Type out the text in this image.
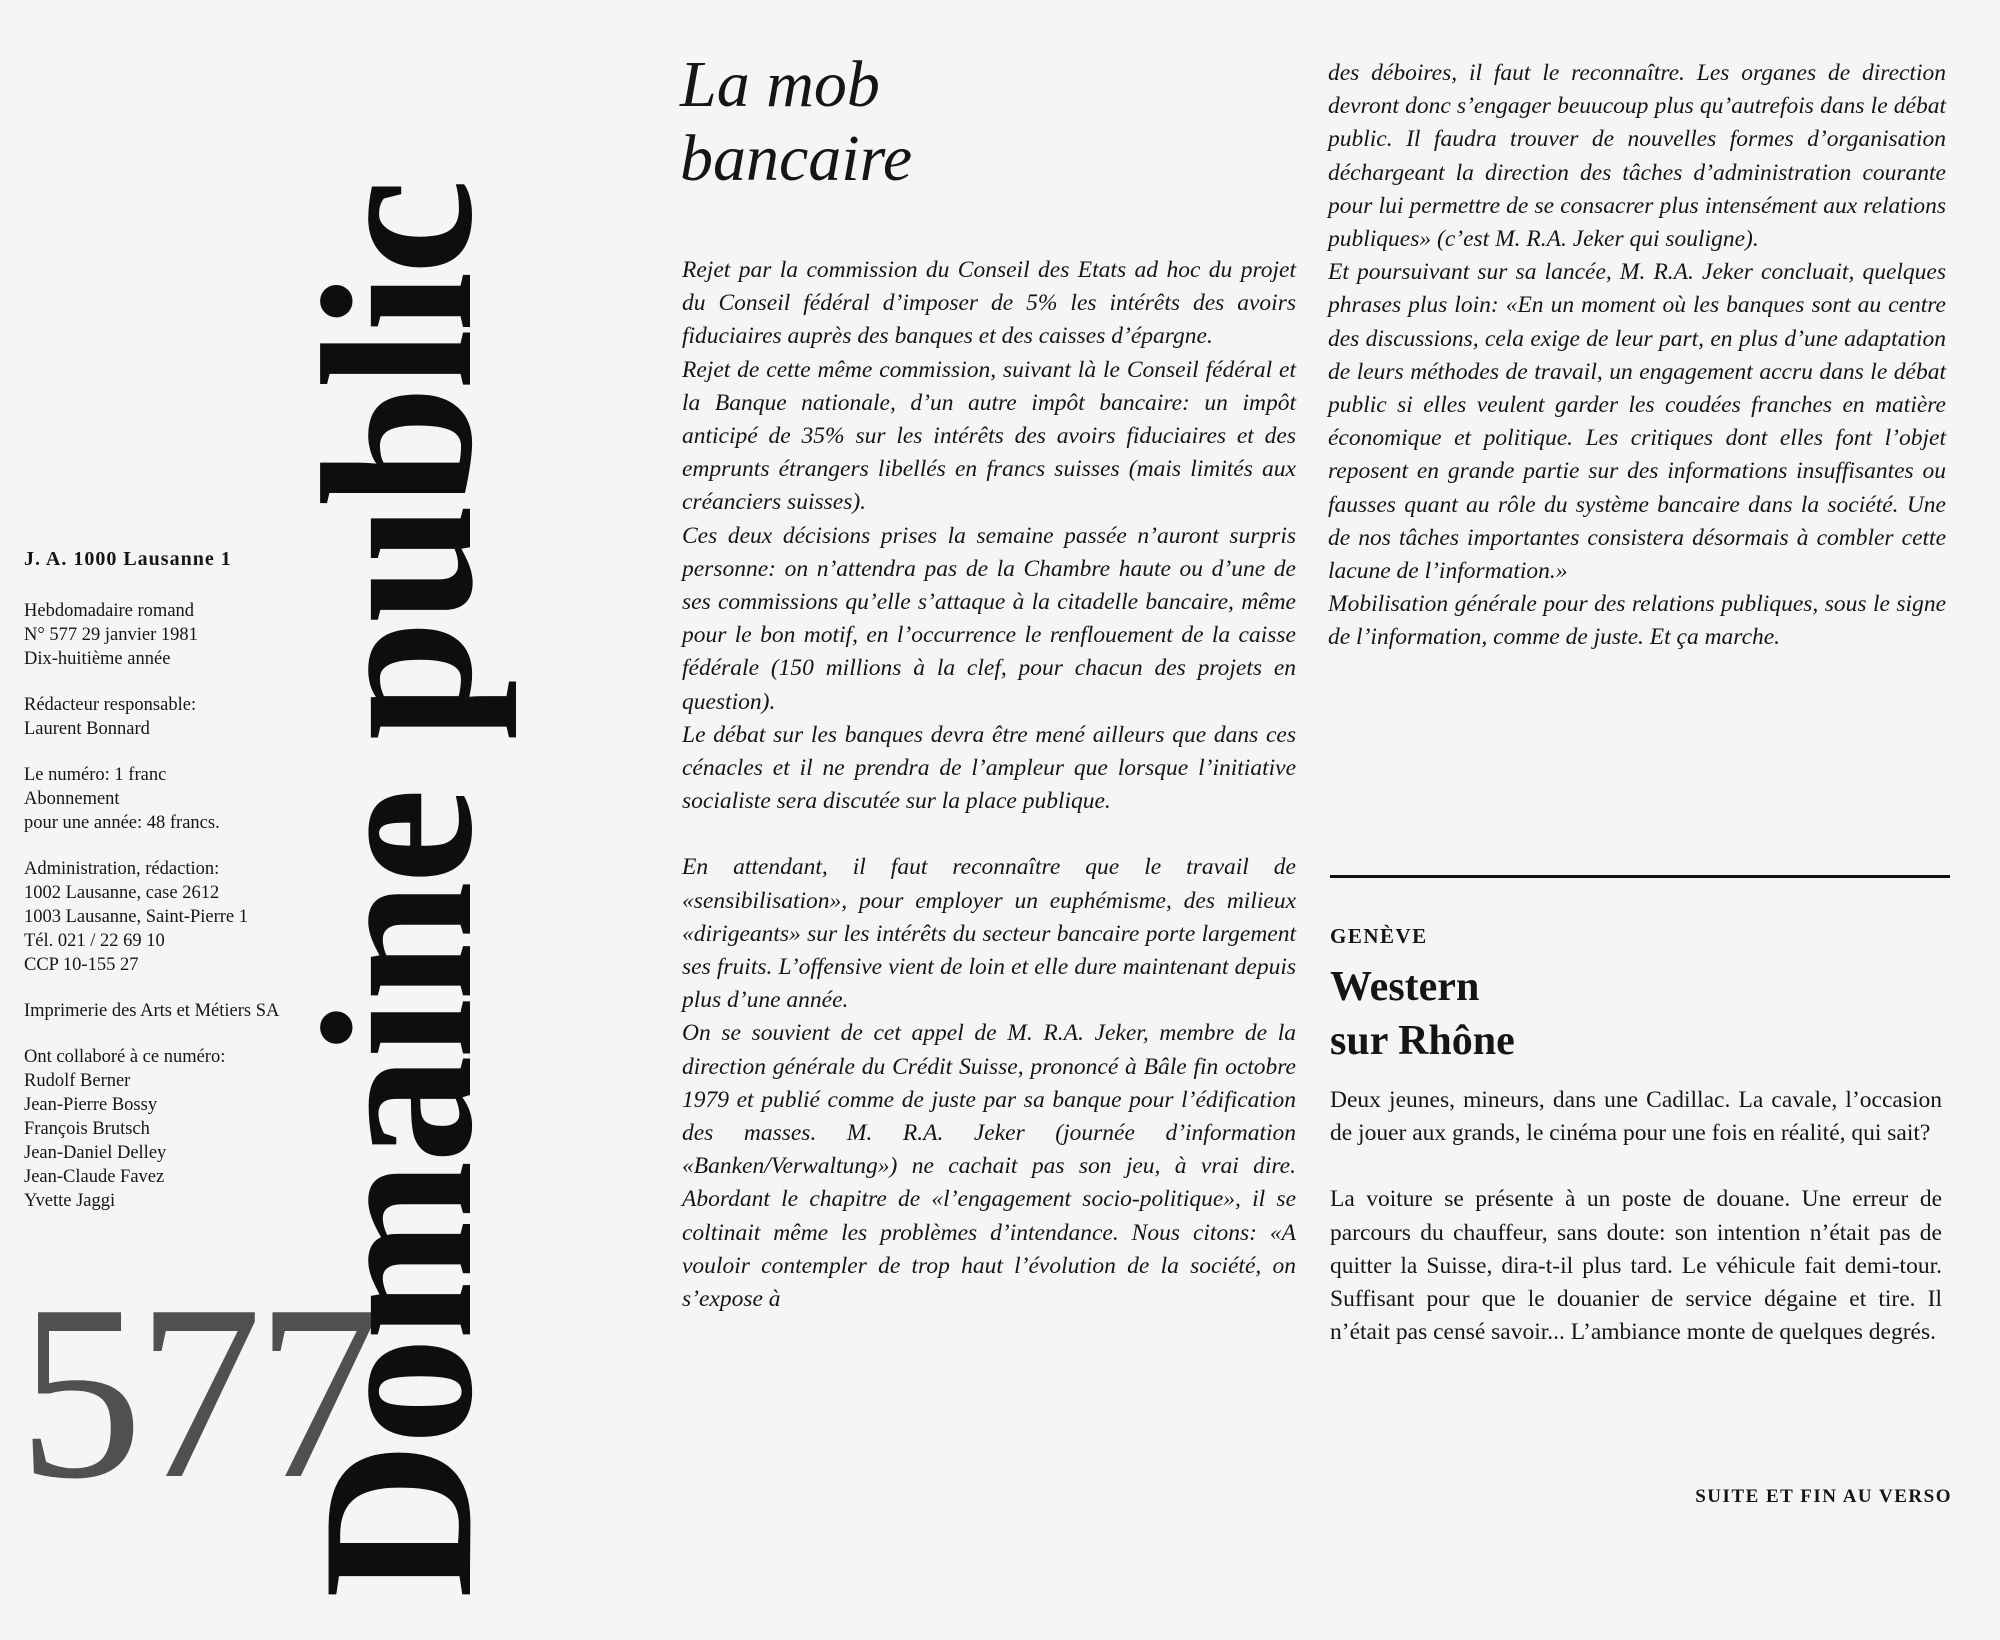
J. A. 1000 Lausanne 1
Hebdomadaire romand
N° 577 29 janvier 1981
Dix-huitième année
Rédacteur responsable:
Laurent Bonnard
Le numéro: 1 franc
Abonnement
pour une année: 48 francs.
Administration, rédaction:
1002 Lausanne, case 2612
1003 Lausanne, Saint-Pierre 1
Tél. 021 / 22 69 10
CCP 10-155 27
Imprimerie des Arts et Métiers SA
Ont collaboré à ce numéro:
Rudolf Berner
Jean-Pierre Bossy
François Brutsch
Jean-Daniel Delley
Jean-Claude Favez
Yvette Jaggi
577
Domaine public
La mob
bancaire

Rejet par la commission du Conseil des Etats ad hoc du projet du Conseil fédéral d’imposer de 5% les intérêts des avoirs fiduciaires auprès des banques et des caisses d’épargne.

Rejet de cette même commission, suivant là le Conseil fédéral et la Banque nationale, d’un autre impôt bancaire: un impôt anticipé de 35% sur les intérêts des avoirs fiduciaires et des emprunts étrangers libellés en francs suisses (mais limités aux créanciers suisses).

Ces deux décisions prises la semaine passée n’auront surpris personne: on n’attendra pas de la Chambre haute ou d’une de ses commissions qu’elle s’attaque à la citadelle bancaire, même pour le bon motif, en l’occurrence le renflouement de la caisse fédérale (150 millions à la clef, pour chacun des projets en question).

Le débat sur les banques devra être mené ailleurs que dans ces cénacles et il ne prendra de l’ampleur que lorsque l’initiative socialiste sera discutée sur la place publique.

En attendant, il faut reconnaître que le travail de «sensibilisation», pour employer un euphémisme, des milieux «dirigeants» sur les intérêts du secteur bancaire porte largement ses fruits. L’offensive vient de loin et elle dure maintenant depuis plus d’une année.

On se souvient de cet appel de M. R.A. Jeker, membre de la direction générale du Crédit Suisse, prononcé à Bâle fin octobre 1979 et publié comme de juste par sa banque pour l’édification des masses. M. R.A. Jeker (journée d’information «Banken/Verwaltung») ne cachait pas son jeu, à vrai dire. Abordant le chapitre de «l’engagement socio-politique», il se coltinait même les problèmes d’intendance. Nous citons: «A vouloir contempler de trop haut l’évolution de la société, on s’expose à

des déboires, il faut le reconnaître. Les organes de direction devront donc s’engager beuucoup plus qu’autrefois dans le débat public. Il faudra trouver de nouvelles formes d’organisation déchargeant la direction des tâches d’administration courante pour lui permettre de se consacrer plus intensément aux relations publiques» (c’est M. R.A. Jeker qui souligne).

Et poursuivant sur sa lancée, M. R.A. Jeker concluait, quelques phrases plus loin: «En un moment où les banques sont au centre des discussions, cela exige de leur part, en plus d’une adaptation de leurs méthodes de travail, un engagement accru dans le débat public si elles veulent garder les coudées franches en matière économique et politique. Les critiques dont elles font l’objet reposent en grande partie sur des informations insuffisantes ou fausses quant au rôle du système bancaire dans la société. Une de nos tâches importantes consistera désormais à combler cette lacune de l’information.»

Mobilisation générale pour des relations publiques, sous le signe de l’information, comme de juste. Et ça marche.

GENÈVE
Western
sur Rhône

Deux jeunes, mineurs, dans une Cadillac. La cavale, l’occasion de jouer aux grands, le cinéma pour une fois en réalité, qui sait?

La voiture se présente à un poste de douane. Une erreur de parcours du chauffeur, sans doute: son intention n’était pas de quitter la Suisse, dira-t-il plus tard. Le véhicule fait demi-tour. Suffisant pour que le douanier de service dégaine et tire. Il n’était pas censé savoir... L’ambiance monte de quelques degrés.

SUITE ET FIN AU VERSO
